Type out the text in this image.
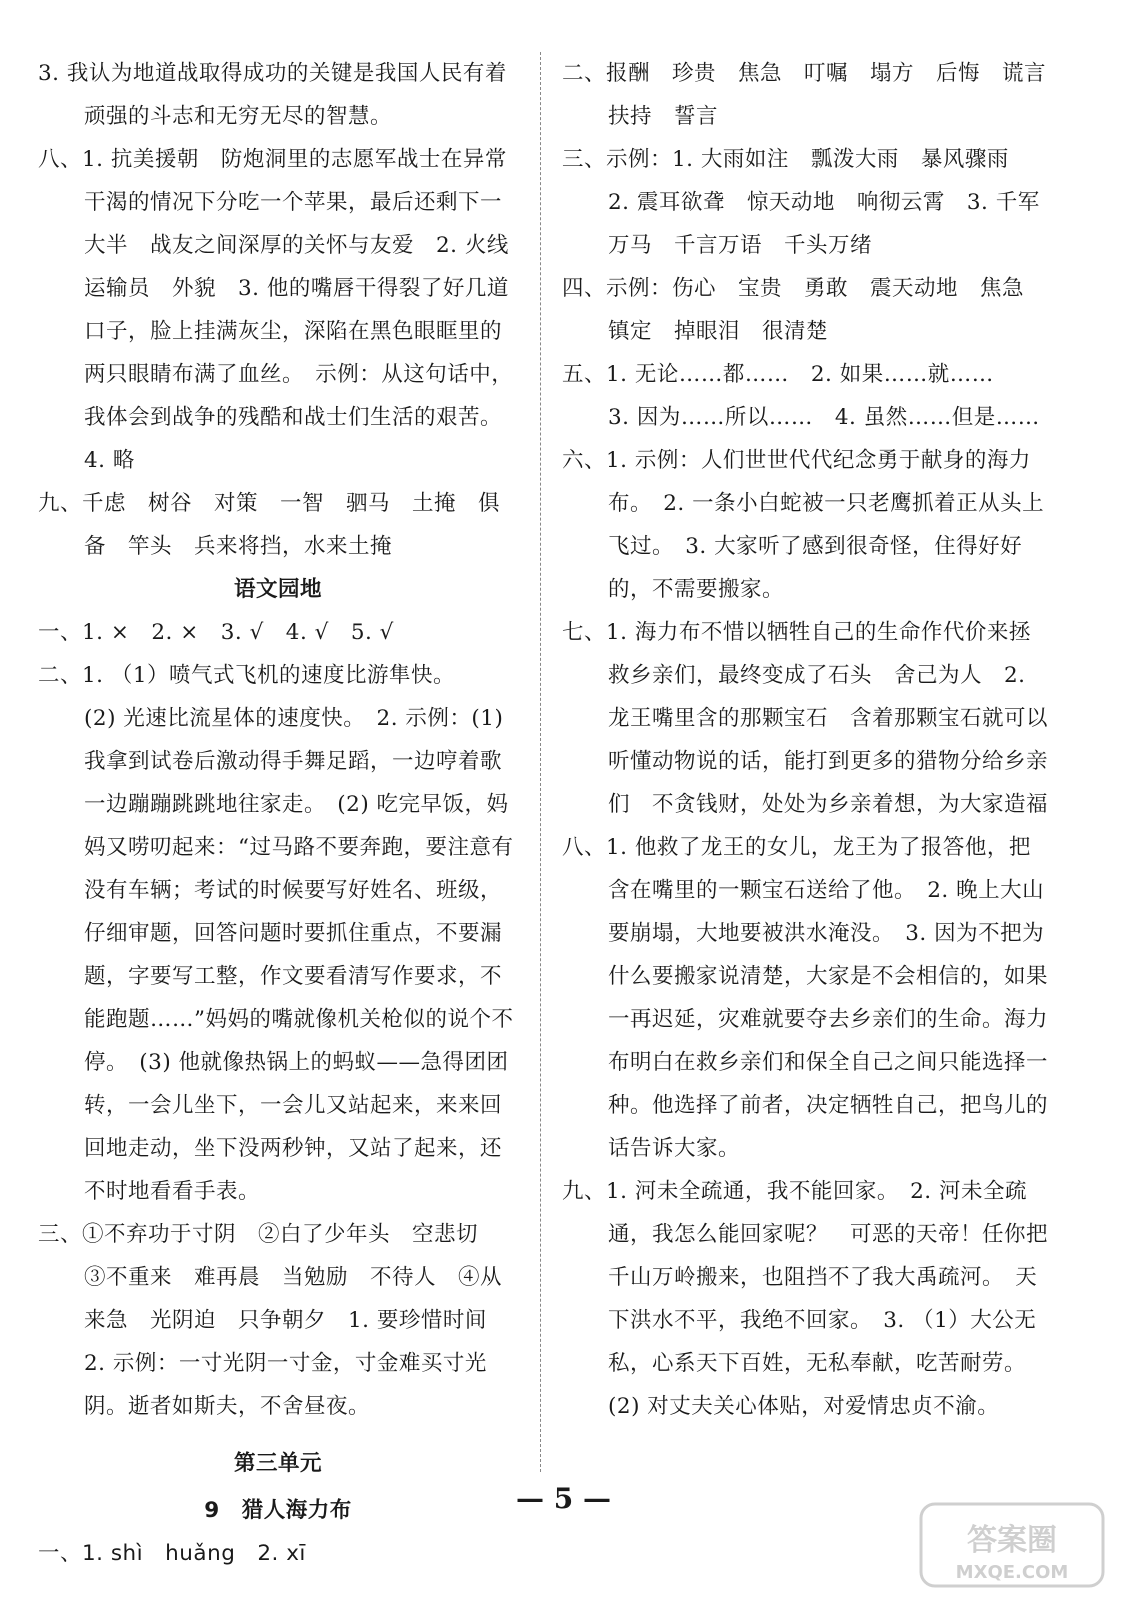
3. 我认为地道战取得成功的关键是我国人民有着顽强的斗志和无穷无尽的智慧。

八、1. 抗美援朝　防炮洞里的志愿军战士在异常干渴的情况下分吃一个苹果，最后还剩下一大半　战友之间深厚的关怀与友爱　2. 火线运输员　外貌　3. 他的嘴唇干得裂了好几道口子，脸上挂满灰尘，深陷在黑色眼眶里的两只眼睛布满了血丝。　示例：从这句话中，我体会到战争的残酷和战士们生活的艰苦。　4. 略

九、千虑　树谷　对策　一智　驷马　土掩　俱备　竿头　兵来将挡，水来土掩

语文园地

一、1. ×　2. ×　3. √　4. √　5. √

二、1. （1）喷气式飞机的速度比游隼快。

(2) 光速比流星体的速度快。　2. 示例：(1) 我拿到试卷后激动得手舞足蹈，一边哼着歌一边蹦蹦跳跳地往家走。　(2) 吃完早饭，妈妈又唠叨起来：“过马路不要奔跑，要注意有没有车辆；考试的时候要写好姓名、班级，仔细审题，回答问题时要抓住重点，不要漏题，字要写工整，作文要看清写作要求，不能跑题……”妈妈的嘴就像机关枪似的说个不停。　(3) 他就像热锅上的蚂蚁——急得团团转，一会儿坐下，一会儿又站起来，来来回回地走动，坐下没两秒钟，又站了起来，还不时地看看手表。

三、①不弃功于寸阴　②白了少年头　空悲切　③不重来　难再晨　当勉励　不待人　④从来急　光阴迫　只争朝夕　1. 要珍惜时间

2. 示例：一寸光阴一寸金，寸金难买寸光阴。逝者如斯夫，不舍昼夜。

第三单元

9　猎人海力布

一、1. shì　huǎng　2. xī

二、报酬　珍贵　焦急　叮嘱　塌方　后悔　谎言　扶持　誓言

三、示例：1. 大雨如注　瓢泼大雨　暴风骤雨　2. 震耳欲聋　惊天动地　响彻云霄　3. 千军万马　千言万语　千头万绪

四、示例：伤心　宝贵　勇敢　震天动地　焦急　镇定　掉眼泪　很清楚

五、1. 无论……都……　2. 如果……就……

3. 因为……所以……　4. 虽然……但是……

六、1. 示例：人们世世代代纪念勇于献身的海力布。　2. 一条小白蛇被一只老鹰抓着正从头上飞过。　3. 大家听了感到很奇怪，住得好好的，不需要搬家。

七、1. 海力布不惜以牺牲自己的生命作代价来拯救乡亲们，最终变成了石头　舍己为人　2. 龙王嘴里含的那颗宝石　含着那颗宝石就可以听懂动物说的话，能打到更多的猎物分给乡亲们　不贪钱财，处处为乡亲着想，为大家造福

八、1. 他救了龙王的女儿，龙王为了报答他，把含在嘴里的一颗宝石送给了他。　2. 晚上大山要崩塌，大地要被洪水淹没。　3. 因为不把为什么要搬家说清楚，大家是不会相信的，如果一再迟延，灾难就要夺去乡亲们的生命。海力布明白在救乡亲们和保全自己之间只能选择一种。他选择了前者，决定牺牲自己，把鸟儿的话告诉大家。

九、1. 河未全疏通，我不能回家。　2. 河未全疏通，我怎么能回家呢？　可恶的天帝！任你把千山万岭搬来，也阻挡不了我大禹疏河。　天下洪水不平，我绝不回家。　3. （1）大公无私，心系天下百姓，无私奉献，吃苦耐劳。

(2) 对丈夫关心体贴，对爱情忠贞不渝。

— 5 —
答案圈
MXQE.COM
